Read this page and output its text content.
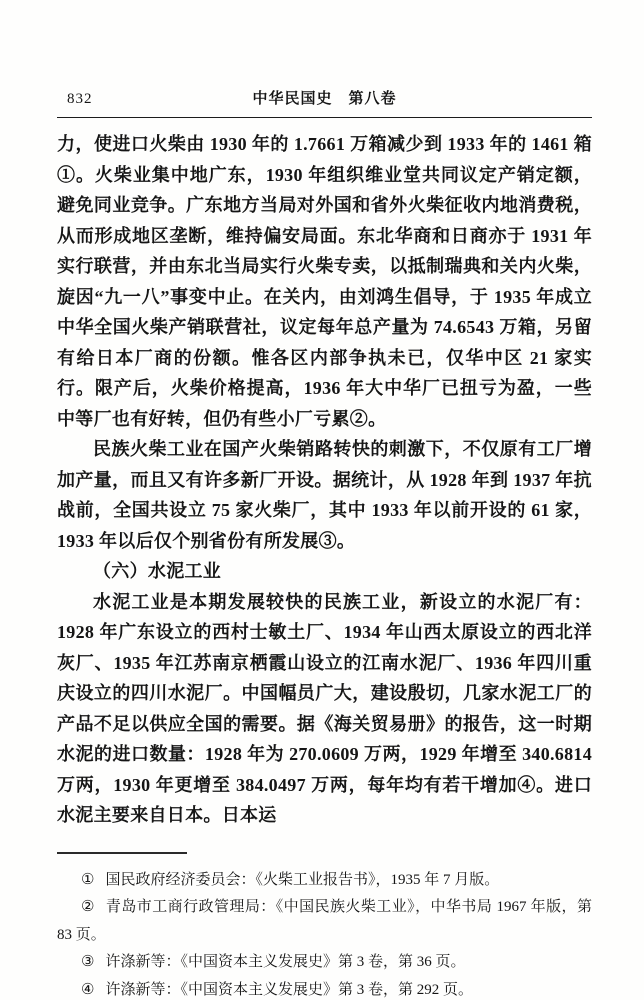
832	中华民国史　第八卷

力，使进口火柴由 1930 年的 1.7661 万箱减少到 1933 年的 1461 箱①。火柴业集中地广东，1930 年组织维业堂共同议定产销定额，避免同业竞争。广东地方当局对外国和省外火柴征收内地消费税，从而形成地区垄断，维持偏安局面。东北华商和日商亦于 1931 年实行联营，并由东北当局实行火柴专卖，以抵制瑞典和关内火柴，旋因“九一八”事变中止。在关内，由刘鸿生倡导，于 1935 年成立中华全国火柴产销联营社，议定每年总产量为 74.6543 万箱，另留有给日本厂商的份额。惟各区内部争执未已，仅华中区 21 家实行。限产后，火柴价格提高，1936 年大中华厂已扭亏为盈，一些中等厂也有好转，但仍有些小厂亏累②。

民族火柴工业在国产火柴销路转快的刺激下，不仅原有工厂增加产量，而且又有许多新厂开设。据统计，从 1928 年到 1937 年抗战前，全国共设立 75 家火柴厂，其中 1933 年以前开设的 61 家，1933 年以后仅个别省份有所发展③。

（六）水泥工业

水泥工业是本期发展较快的民族工业，新设立的水泥厂有：1928 年广东设立的西村士敏土厂、1934 年山西太原设立的西北洋灰厂、1935 年江苏南京栖霞山设立的江南水泥厂、1936 年四川重庆设立的四川水泥厂。中国幅员广大，建设殷切，几家水泥工厂的产品不足以供应全国的需要。据《海关贸易册》的报告，这一时期水泥的进口数量：1928 年为 270.0609 万两，1929 年增至 340.6814 万两，1930 年更增至 384.0497 万两，每年均有若干增加④。进口水泥主要来自日本。日本运

① 国民政府经济委员会：《火柴工业报告书》，1935 年 7 月版。
② 青岛市工商行政管理局：《中国民族火柴工业》，中华书局 1967 年版，第 83 页。
③ 许涤新等：《中国资本主义发展史》第 3 卷，第 36 页。
④ 许涤新等：《中国资本主义发展史》第 3 卷，第 292 页。
